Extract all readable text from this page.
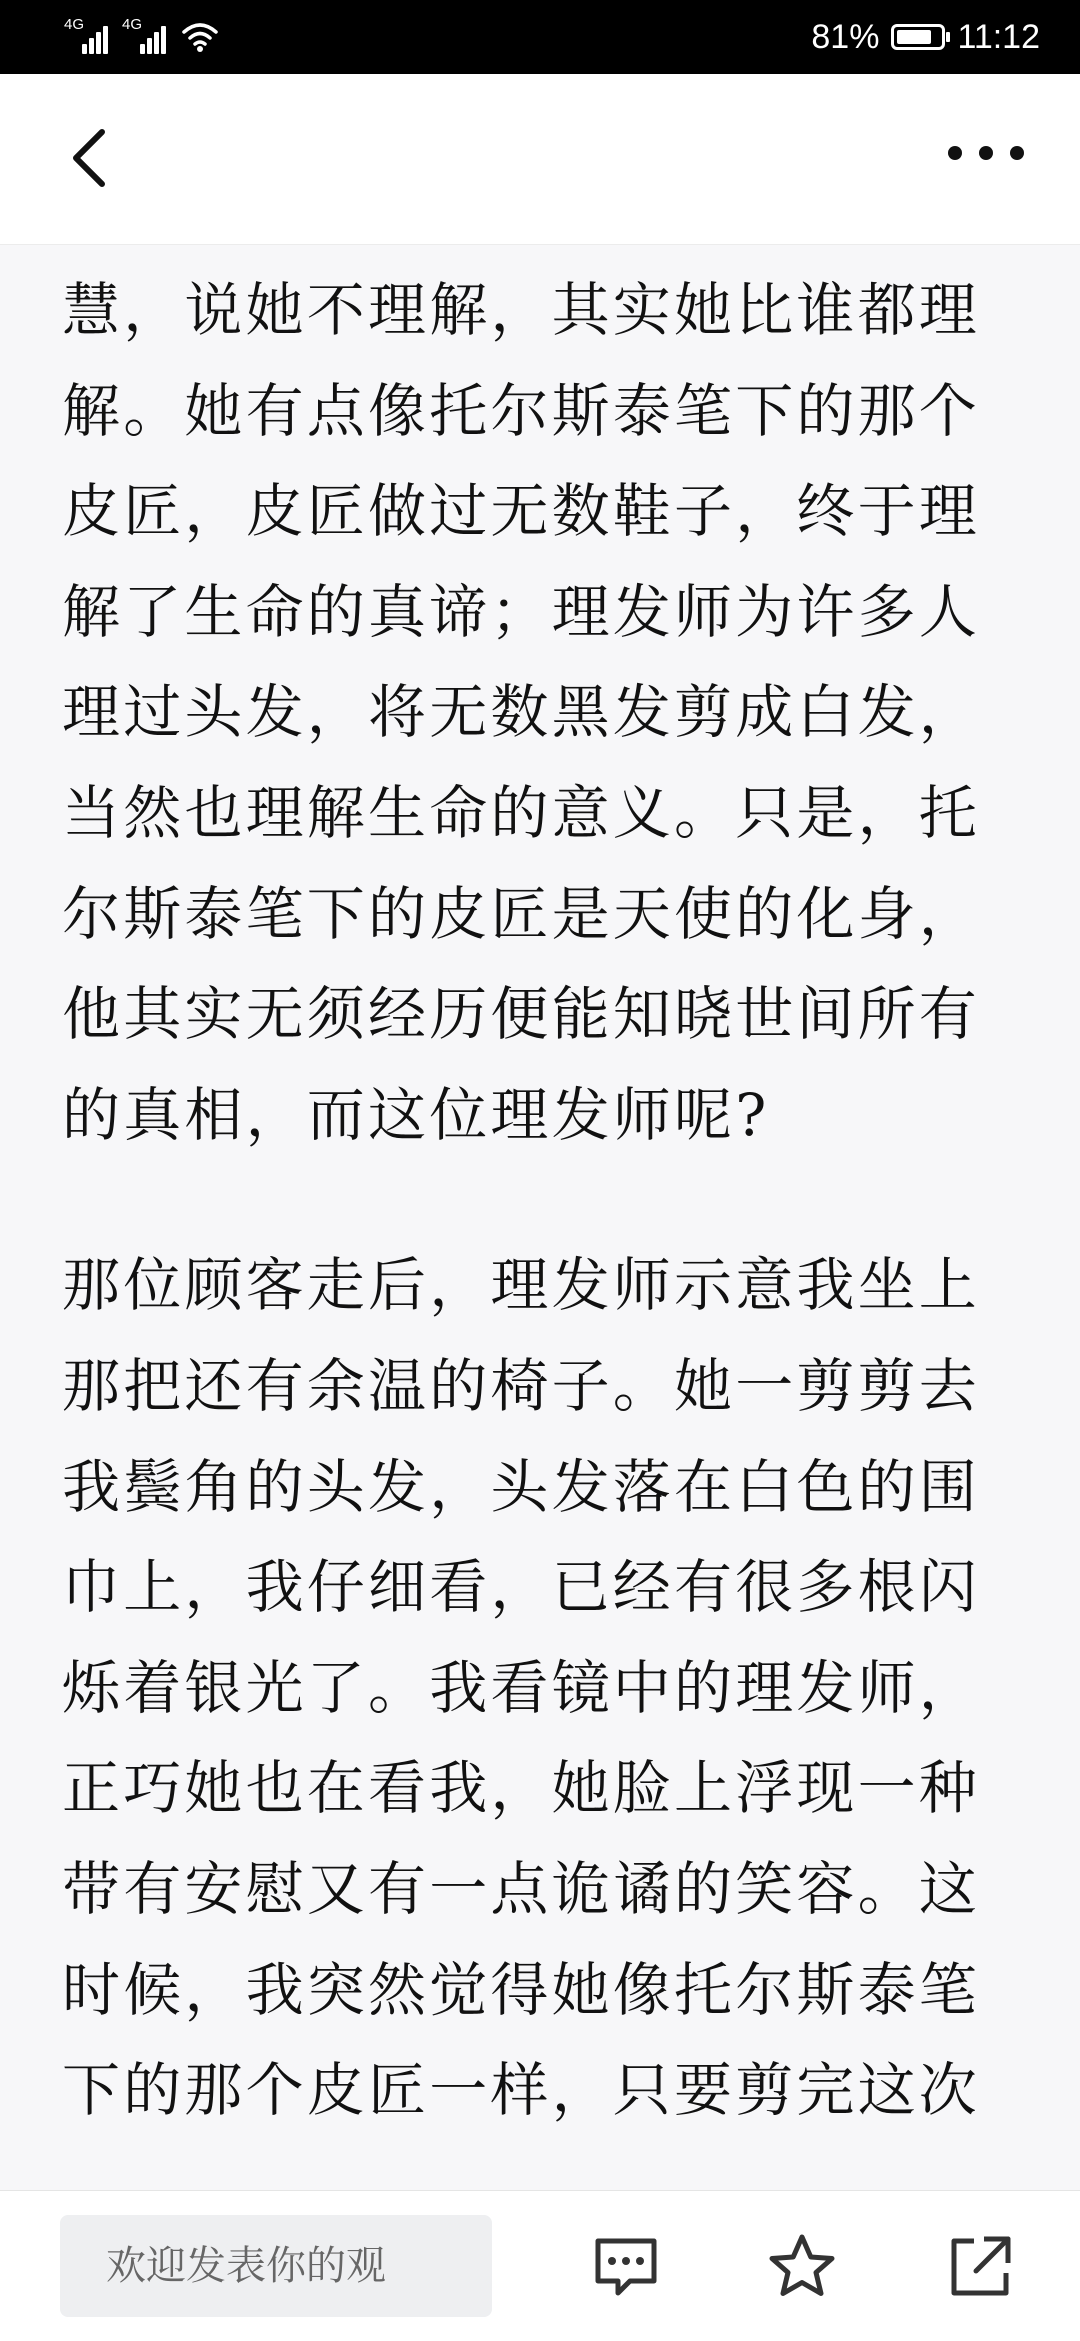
4G	4G	81% 11:12

慧，说她不理解，其实她比谁都理
解。她有点像托尔斯泰笔下的那个
皮匠，皮匠做过无数鞋子，终于理
解了生命的真谛；理发师为许多人
理过头发，将无数黑发剪成白发，
当然也理解生命的意义。只是，托
尔斯泰笔下的皮匠是天使的化身，
他其实无须经历便能知晓世间所有
的真相，而这位理发师呢?

那位顾客走后，理发师示意我坐上
那把还有余温的椅子。她一剪剪去
我鬓角的头发，头发落在白色的围
巾上，我仔细看，已经有很多根闪
烁着银光了。我看镜中的理发师，
正巧她也在看我，她脸上浮现一种
带有安慰又有一点诡谲的笑容。这
时候，我突然觉得她像托尔斯泰笔
下的那个皮匠一样，只要剪完这次

欢迎发表你的观
